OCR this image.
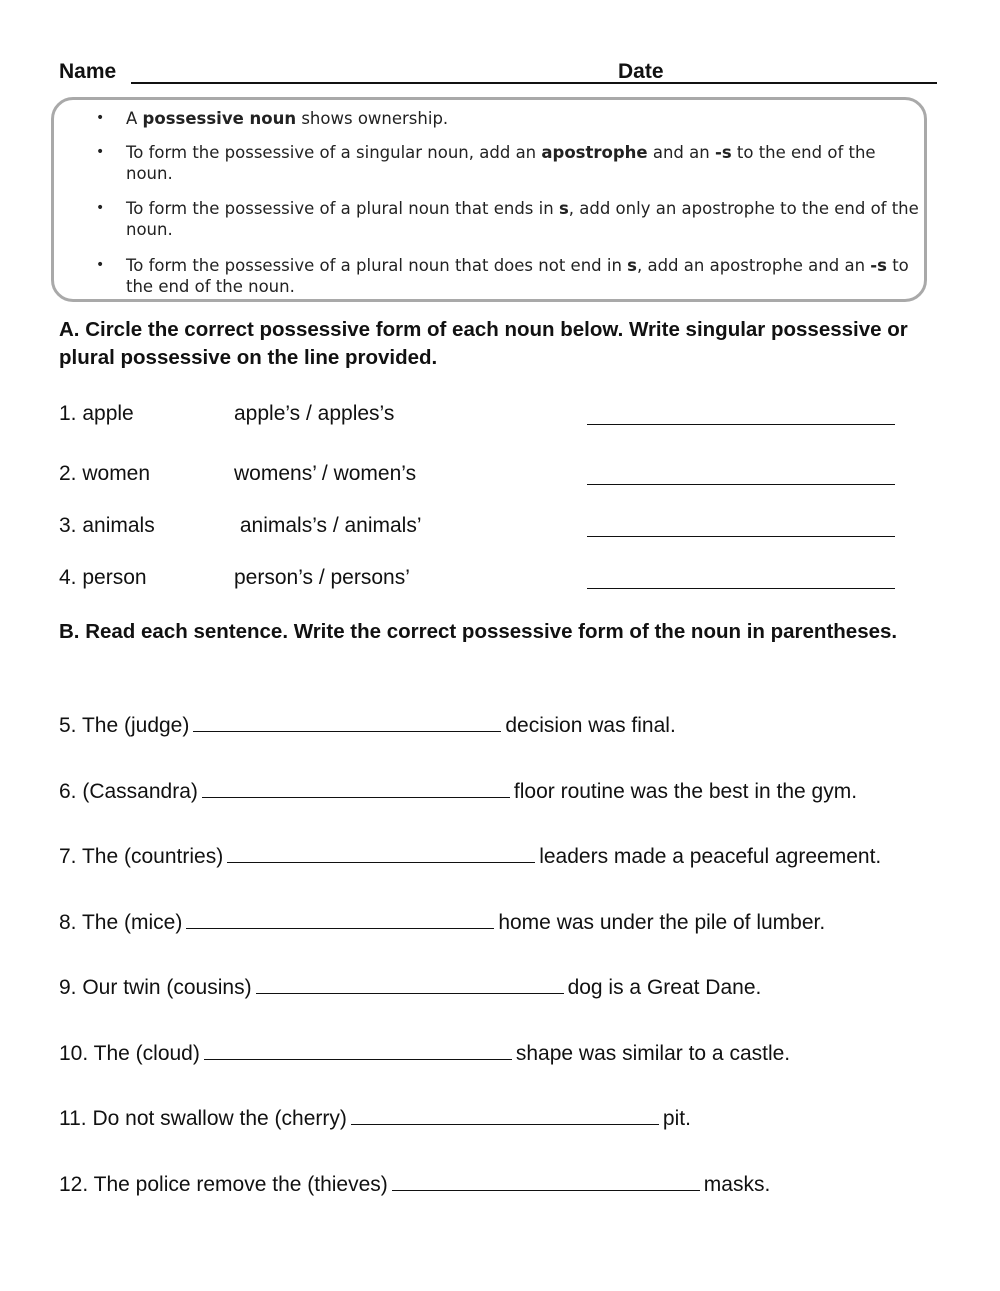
Name	Date
• A possessive noun shows ownership.
• To form the possessive of a singular noun, add an apostrophe and an -s to the end of the noun.
• To form the possessive of a plural noun that ends in s, add only an apostrophe to the end of the noun.
• To form the possessive of a plural noun that does not end in s, add an apostrophe and an -s to the end of the noun.
A. Circle the correct possessive form of each noun below. Write singular possessive or plural possessive on the line provided.
1. apple	apple’s / apples’s
2. women	womens’ / women’s
3. animals	animals’s / animals’
4. person	person’s / persons’
B. Read each sentence. Write the correct possessive form of the noun in parentheses.
5. The (judge)	decision was final.
6. (Cassandra)	floor routine was the best in the gym.
7. The (countries)	leaders made a peaceful agreement.
8. The (mice)	home was under the pile of lumber.
9. Our twin (cousins)	dog is a Great Dane.
10. The (cloud)	shape was similar to a castle.
11. Do not swallow the (cherry)	pit.
12. The police remove the (thieves)	masks.
